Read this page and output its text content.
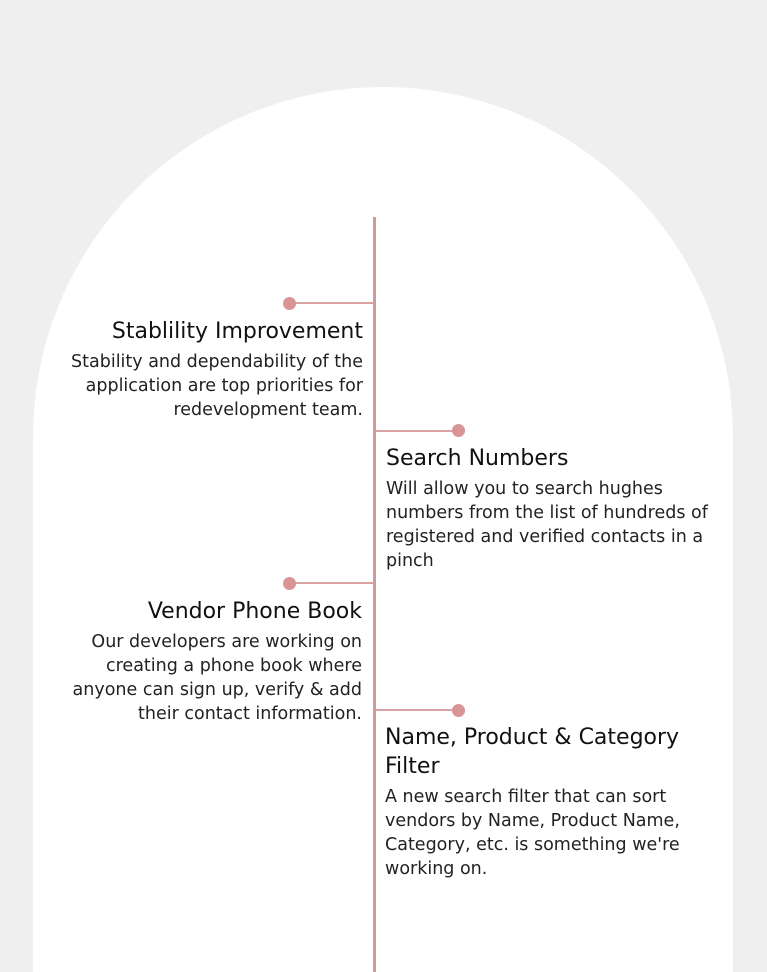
Stablility Improvement

Stability and dependability of the application are top priorities for redevelopment team.

Search Numbers

Will allow you to search hughes numbers from the list of hundreds of registered and verified contacts in a pinch

Vendor Phone Book

Our developers are working on creating a phone book where anyone can sign up, verify & add their contact information.

Name, Product & Category Filter

A new search filter that can sort vendors by Name, Product Name, Category, etc. is something we're working on.
